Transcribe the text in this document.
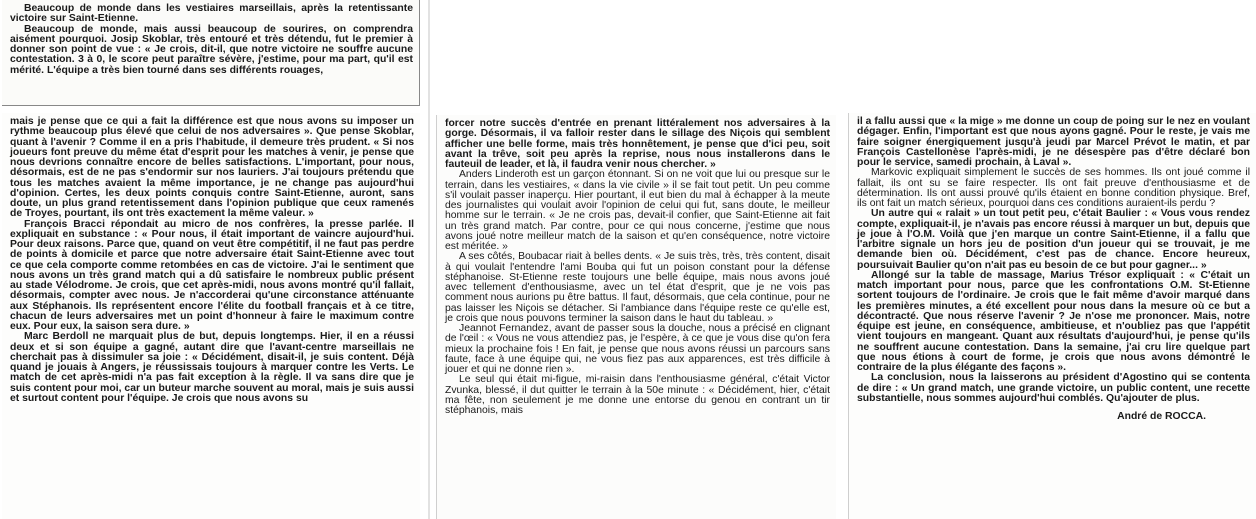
Beaucoup de monde dans les vestiaires marseillais, après la retentissante victoire sur Saint-Etienne.

Beaucoup de monde, mais aussi beaucoup de sourires, on comprendra aisément pourquoi. Josip Skoblar, très entouré et très détendu, fut le premier à donner son point de vue : « Je crois, dit-il, que notre victoire ne souffre aucune contestation. 3 à 0, le score peut paraître sévère, j'estime, pour ma part, qu'il est mérité. L'équipe a très bien tourné dans ses différents rouages,

mais je pense que ce qui a fait la différence est que nous avons su imposer un rythme beaucoup plus élevé que celui de nos adversaires ». Que pense Skoblar, quant à l'avenir ? Comme il en a pris l'habitude, il demeure très prudent. « Si nos joueurs font preuve du même état d'esprit pour les matches à venir, je pense que nous devrions connaître encore de belles satisfactions. L'important, pour nous, désormais, est de ne pas s'endormir sur nos lauriers. J'ai toujours prétendu que tous les matches avaient la même importance, je ne change pas aujourd'hui d'opinion. Certes, les deux points conquis contre Saint-Etienne, auront, sans doute, un plus grand retentissement dans l'opinion publique que ceux ramenés de Troyes, pourtant, ils ont très exactement la même valeur. »

François Bracci répondait au micro de nos confrères, la presse parlée. Il expliquait en substance : « Pour nous, il était important de vaincre aujourd'hui. Pour deux raisons. Parce que, quand on veut être compétitif, il ne faut pas perdre de points à domicile et parce que notre adversaire était Saint-Etienne avec tout ce que cela comporte comme retombées en cas de victoire. J'ai le sentiment que nous avons un très grand match qui a dû satisfaire le nombreux public présent au stade Vélodrome. Je crois, que cet après-midi, nous avons montré qu'il fallait, désormais, compter avec nous. Je n'accorderai qu'une circonstance atténuante aux Stéphanois. Ils représentent encore l'élite du football français et à ce titre, chacun de leurs adversaires met un point d'honneur à faire le maximum contre eux. Pour eux, la saison sera dure. »

Marc Berdoll ne marquait plus de but, depuis longtemps. Hier, il en a réussi deux et si son équipe a gagné, autant dire que l'avant-centre marseillais ne cherchait pas à dissimuler sa joie : « Décidément, disait-il, je suis content. Déjà quand je jouais à Angers, je réussissais toujours à marquer contre les Verts. Le match de cet après-midi n'a pas fait exception à la règle. Il va sans dire que je suis content pour moi, car un buteur marche souvent au moral, mais je suis aussi et surtout content pour l'équipe. Je crois que nous avons su

forcer notre succès d'entrée en prenant littéralement nos adversaires à la gorge. Désormais, il va falloir rester dans le sillage des Niçois qui semblent afficher une belle forme, mais très honnêtement, je pense que d'ici peu, soit avant la trêve, soit peu après la reprise, nous nous installerons dans le fauteuil de leader, et là, il faudra venir nous chercher. »

Anders Linderoth est un garçon étonnant. Si on ne voit que lui ou presque sur le terrain, dans les vestiaires, « dans la vie civile » il se fait tout petit. Un peu comme s'il voulait passer inaperçu. Hier pourtant, il eut bien du mal à échapper à la meute des journalistes qui voulait avoir l'opinion de celui qui fut, sans doute, le meilleur homme sur le terrain. « Je ne crois pas, devait-il confier, que Saint-Etienne ait fait un très grand match. Par contre, pour ce qui nous concerne, j'estime que nous avons joué notre meilleur match de la saison et qu'en conséquence, notre victoire est méritée. »

A ses côtés, Boubacar riait à belles dents. « Je suis très, très, très content, disait à qui voulait l'entendre l'ami Bouba qui fut un poison constant pour la défense stéphanoise. St-Etienne reste toujours une belle équipe, mais nous avons joué avec tellement d'enthousiasme, avec un tel état d'esprit, que je ne vois pas comment nous aurions pu être battus. Il faut, désormais, que cela continue, pour ne pas laisser les Niçois se détacher. Si l'ambiance dans l'équipe reste ce qu'elle est, je crois que nous pouvons terminer la saison dans le haut du tableau. »

Jeannot Fernandez, avant de passer sous la douche, nous a précisé en clignant de l'œil : « Vous ne vous attendiez pas, je l'espère, à ce que je vous dise qu'on fera mieux la prochaine fois ! En fait, je pense que nous avons réussi un parcours sans faute, face à une équipe qui, ne vous fiez pas aux apparences, est très difficile à jouer et qui ne donne rien ».

Le seul qui était mi-figue, mi-raisin dans l'enthousiasme général, c'était Victor Zvunka, blessé, il dut quitter le terrain à la 50e minute : « Décidément, hier, c'était ma fête, non seulement je me donne une entorse du genou en contrant un tir stéphanois, mais

il a fallu aussi que « la mige » me donne un coup de poing sur le nez en voulant dégager. Enfin, l'important est que nous ayons gagné. Pour le reste, je vais me faire soigner énergiquement jusqu'à jeudi par Marcel Prévot le matin, et par François Castellonèse l'après-midi, je ne désespère pas d'être déclaré bon pour le service, samedi prochain, à Laval ».

Markovic expliquait simplement le succès de ses hommes. Ils ont joué comme il fallait, ils ont su se faire respecter. Ils ont fait preuve d'enthousiasme et de détermination. Ils ont aussi prouvé qu'ils étaient en bonne condition physique. Bref, ils ont fait un match sérieux, pourquoi dans ces conditions auraient-ils perdu ?

Un autre qui « ralait » un tout petit peu, c'était Baulier : « Vous vous rendez compte, expliquait-il, je n'avais pas encore réussi à marquer un but, depuis que je joue à l'O.M. Voilà que j'en marque un contre Saint-Etienne, il a fallu que l'arbitre signale un hors jeu de position d'un joueur qui se trouvait, je me demande bien où. Décidément, c'est pas de chance. Encore heureux, poursuivait Baulier qu'on n'ait pas eu besoin de ce but pour gagner... »

Allongé sur la table de massage, Marius Trésor expliquait : « C'était un match important pour nous, parce que les confrontations O.M. St-Etienne sortent toujours de l'ordinaire. Je crois que le fait même d'avoir marqué dans les premières minutes, a été excellent pour nous dans la mesure où ce but a décontracté. Que nous réserve l'avenir ? Je n'ose me prononcer. Mais, notre équipe est jeune, en conséquence, ambitieuse, et n'oubliez pas que l'appétit vient toujours en mangeant. Quant aux résultats d'aujourd'hui, je pense qu'ils ne souffrent aucune contestation. Dans la semaine, j'ai cru lire quelque part que nous étions à court de forme, je crois que nous avons démontré le contraire de la plus élégante des façons ».

La conclusion, nous la laisserons au président d'Agostino qui se contenta de dire : « Un grand match, une grande victoire, un public content, une recette substantielle, nous sommes aujourd'hui comblés. Qu'ajouter de plus.

André de ROCCA.
